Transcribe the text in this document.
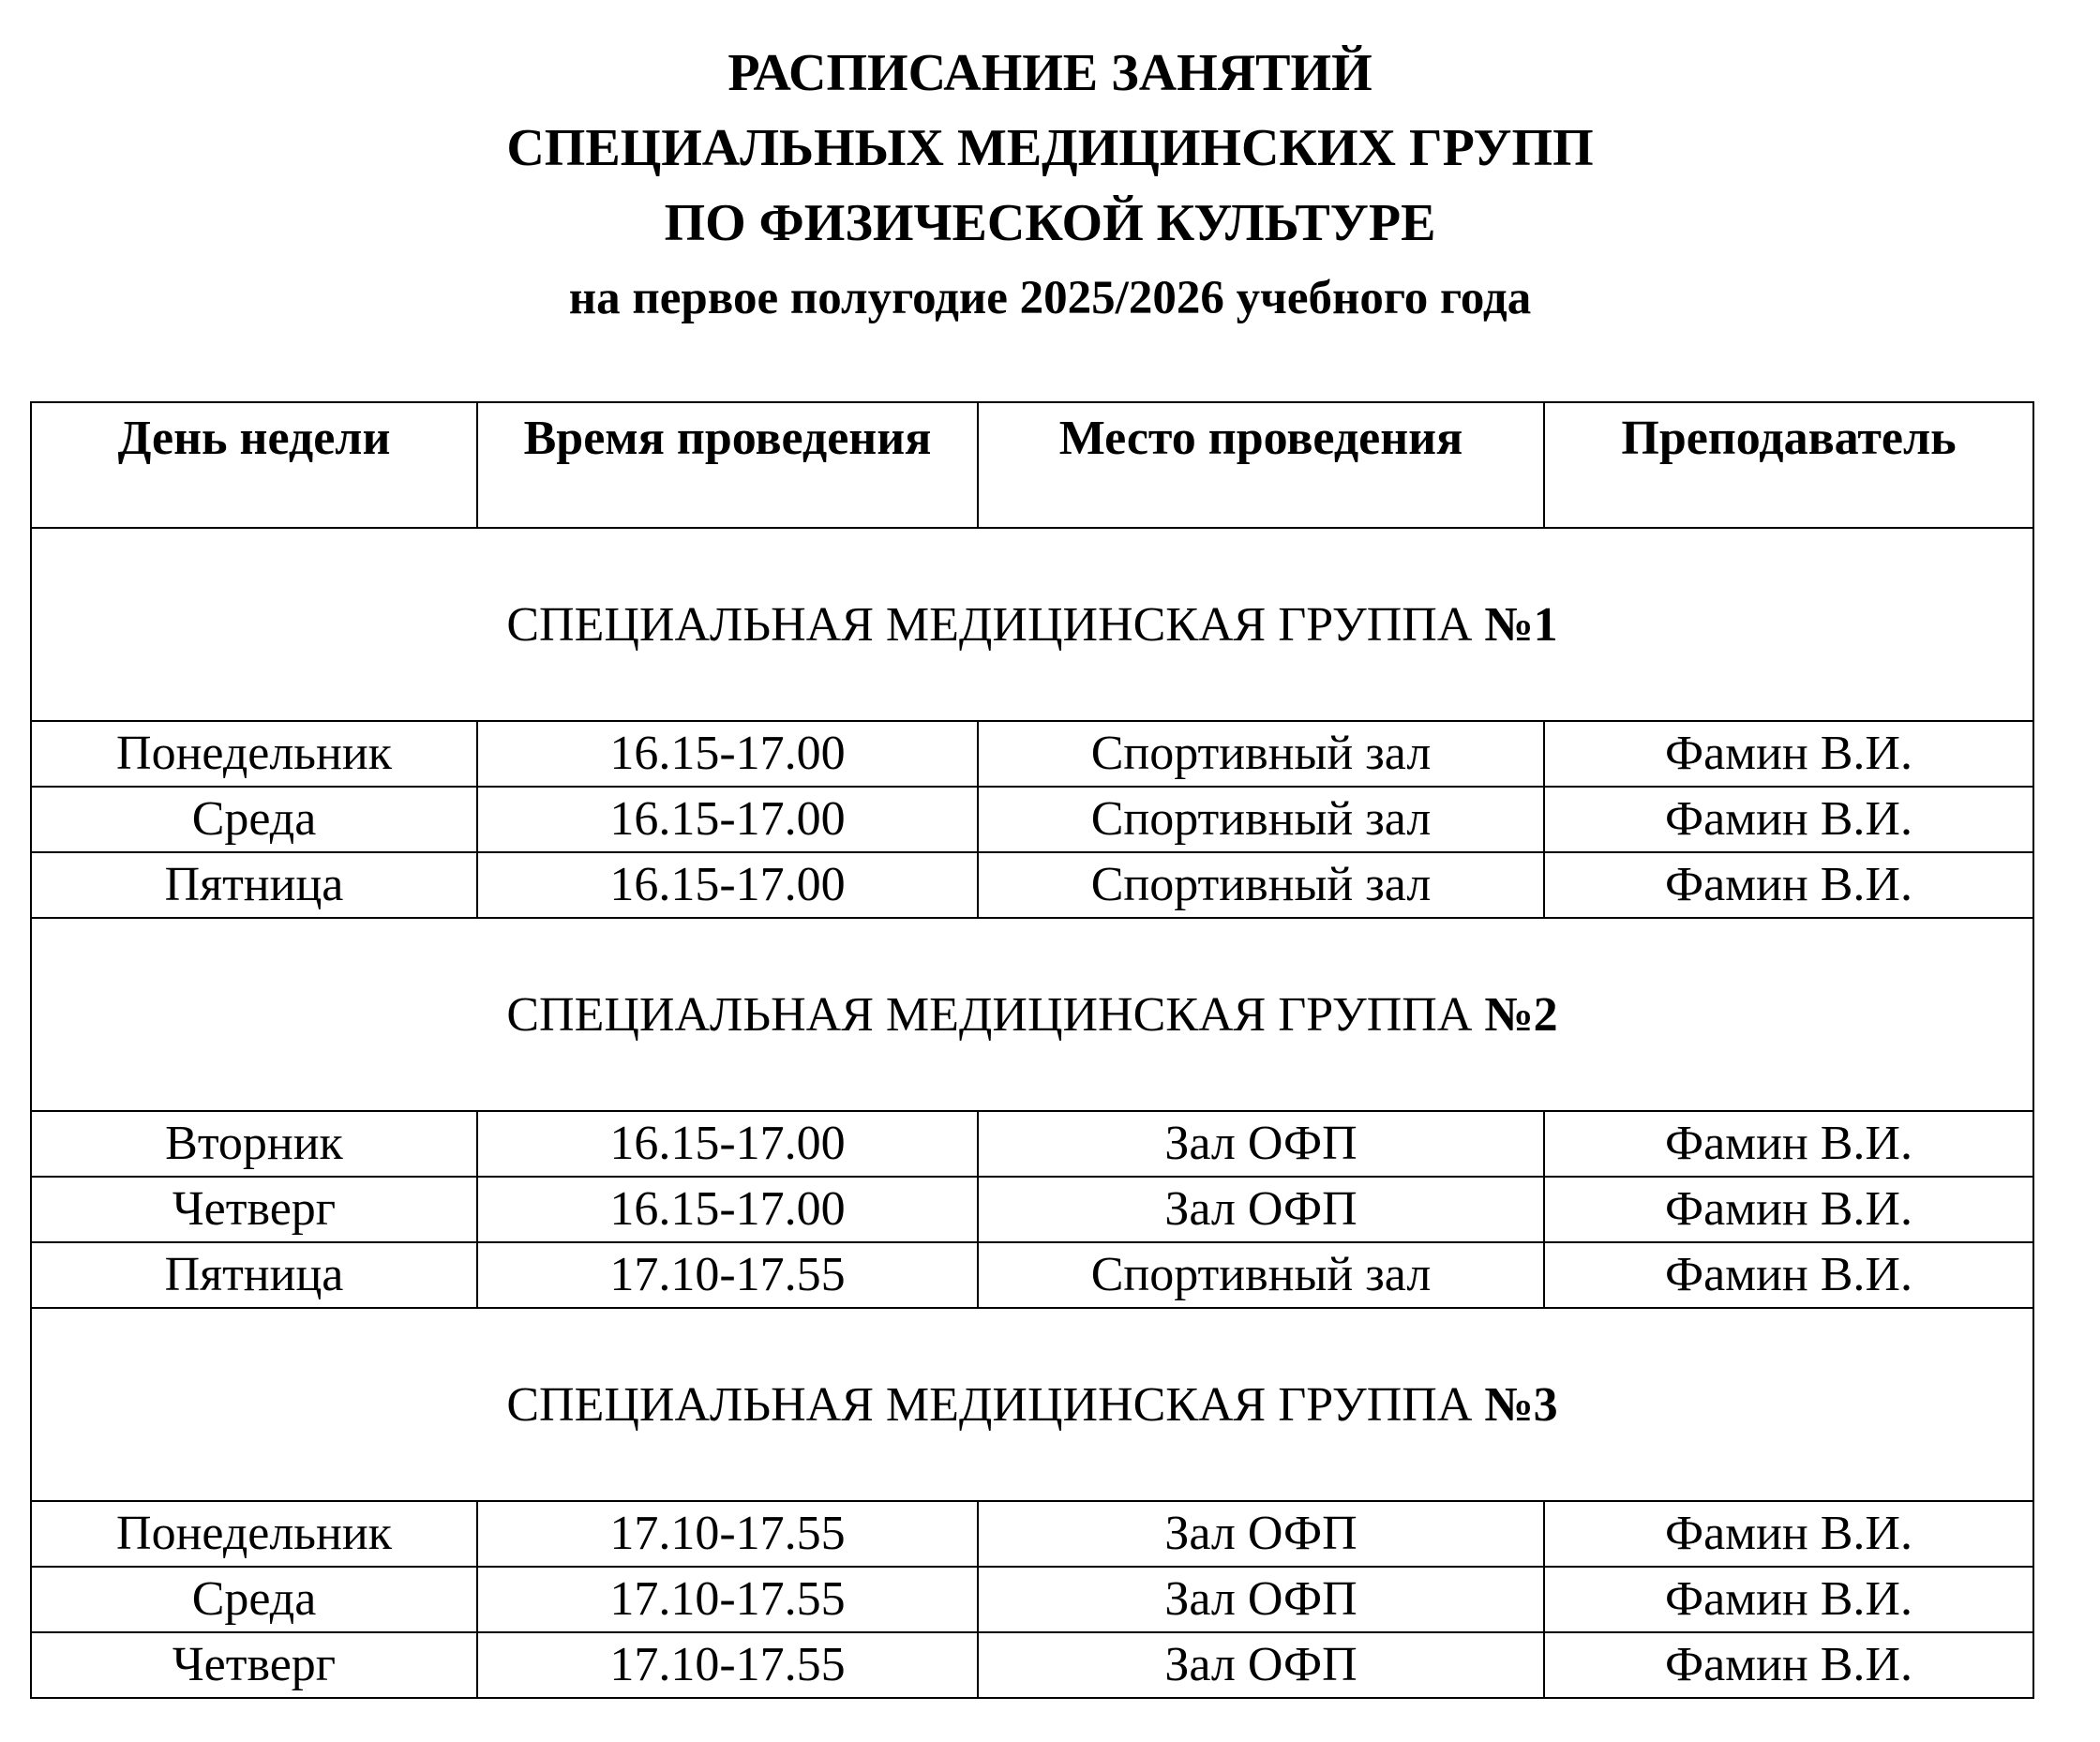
РАСПИСАНИЕ ЗАНЯТИЙ
СПЕЦИАЛЬНЫХ МЕДИЦИНСКИХ ГРУПП
ПО ФИЗИЧЕСКОЙ КУЛЬТУРЕ
на первое полугодие 2025/2026 учебного года
День недели	Время проведения	Место проведения	Преподаватель
СПЕЦИАЛЬНАЯ МЕДИЦИНСКАЯ ГРУППА №1			
Понедельник	16.15-17.00	Спортивный зал	Фамин В.И.
Среда	16.15-17.00	Спортивный зал	Фамин В.И.
Пятница	16.15-17.00	Спортивный зал	Фамин В.И.
СПЕЦИАЛЬНАЯ МЕДИЦИНСКАЯ ГРУППА №2			
Вторник	16.15-17.00	Зал ОФП	Фамин В.И.
Четверг	16.15-17.00	Зал ОФП	Фамин В.И.
Пятница	17.10-17.55	Спортивный зал	Фамин В.И.
СПЕЦИАЛЬНАЯ МЕДИЦИНСКАЯ ГРУППА №3			
Понедельник	17.10-17.55	Зал ОФП	Фамин В.И.
Среда	17.10-17.55	Зал ОФП	Фамин В.И.
Четверг	17.10-17.55	Зал ОФП	Фамин В.И.
